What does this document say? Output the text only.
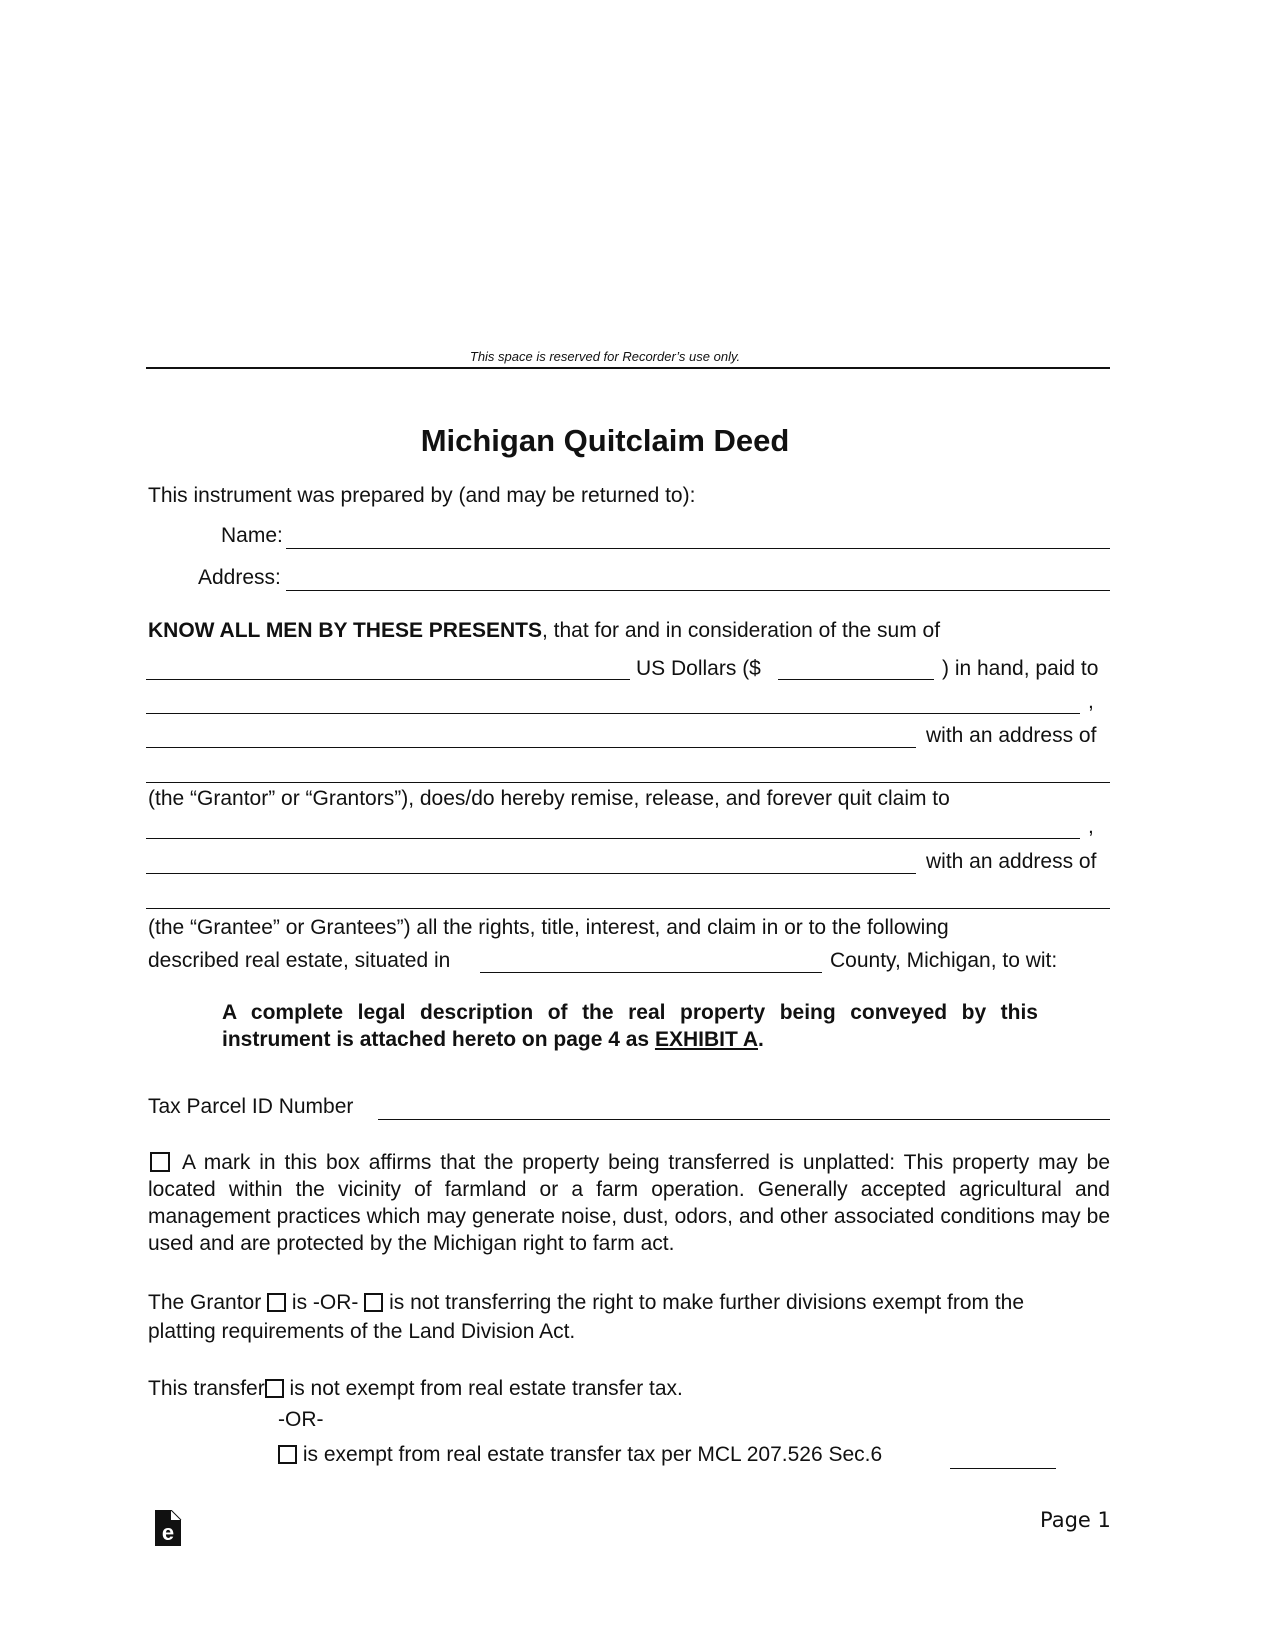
This space is reserved for Recorder’s use only.
Michigan Quitclaim Deed
This instrument was prepared by (and may be returned to):
Name:
Address:
KNOW ALL MEN BY THESE PRESENTS, that for and in consideration of the sum of
US Dollars ($	) in hand, paid to
,
with an address of
(the “Grantor” or “Grantors”), does/do hereby remise, release, and forever quit claim to
,
with an address of
(the “Grantee” or Grantees”) all the rights, title, interest, and claim in or to the following
described real estate, situated in	County, Michigan, to wit:
A complete legal description of the real property being conveyed by this
instrument is attached hereto on page 4 as EXHIBIT A.
Tax Parcel ID Number
A mark in this box affirms that the property being transferred is unplatted: This property may be located within the vicinity of farmland or a farm operation. Generally accepted agricultural and management practices which may generate noise, dust, odors, and other associated conditions may be used and are protected by the Michigan right to farm act.
The Grantor is -OR- is not transferring the right to make further divisions exempt from the
platting requirements of the Land Division Act.
This transfer is not exempt from real estate transfer tax.
-OR-
is exempt from real estate transfer tax per MCL 207.526 Sec.6
e	Page 1
